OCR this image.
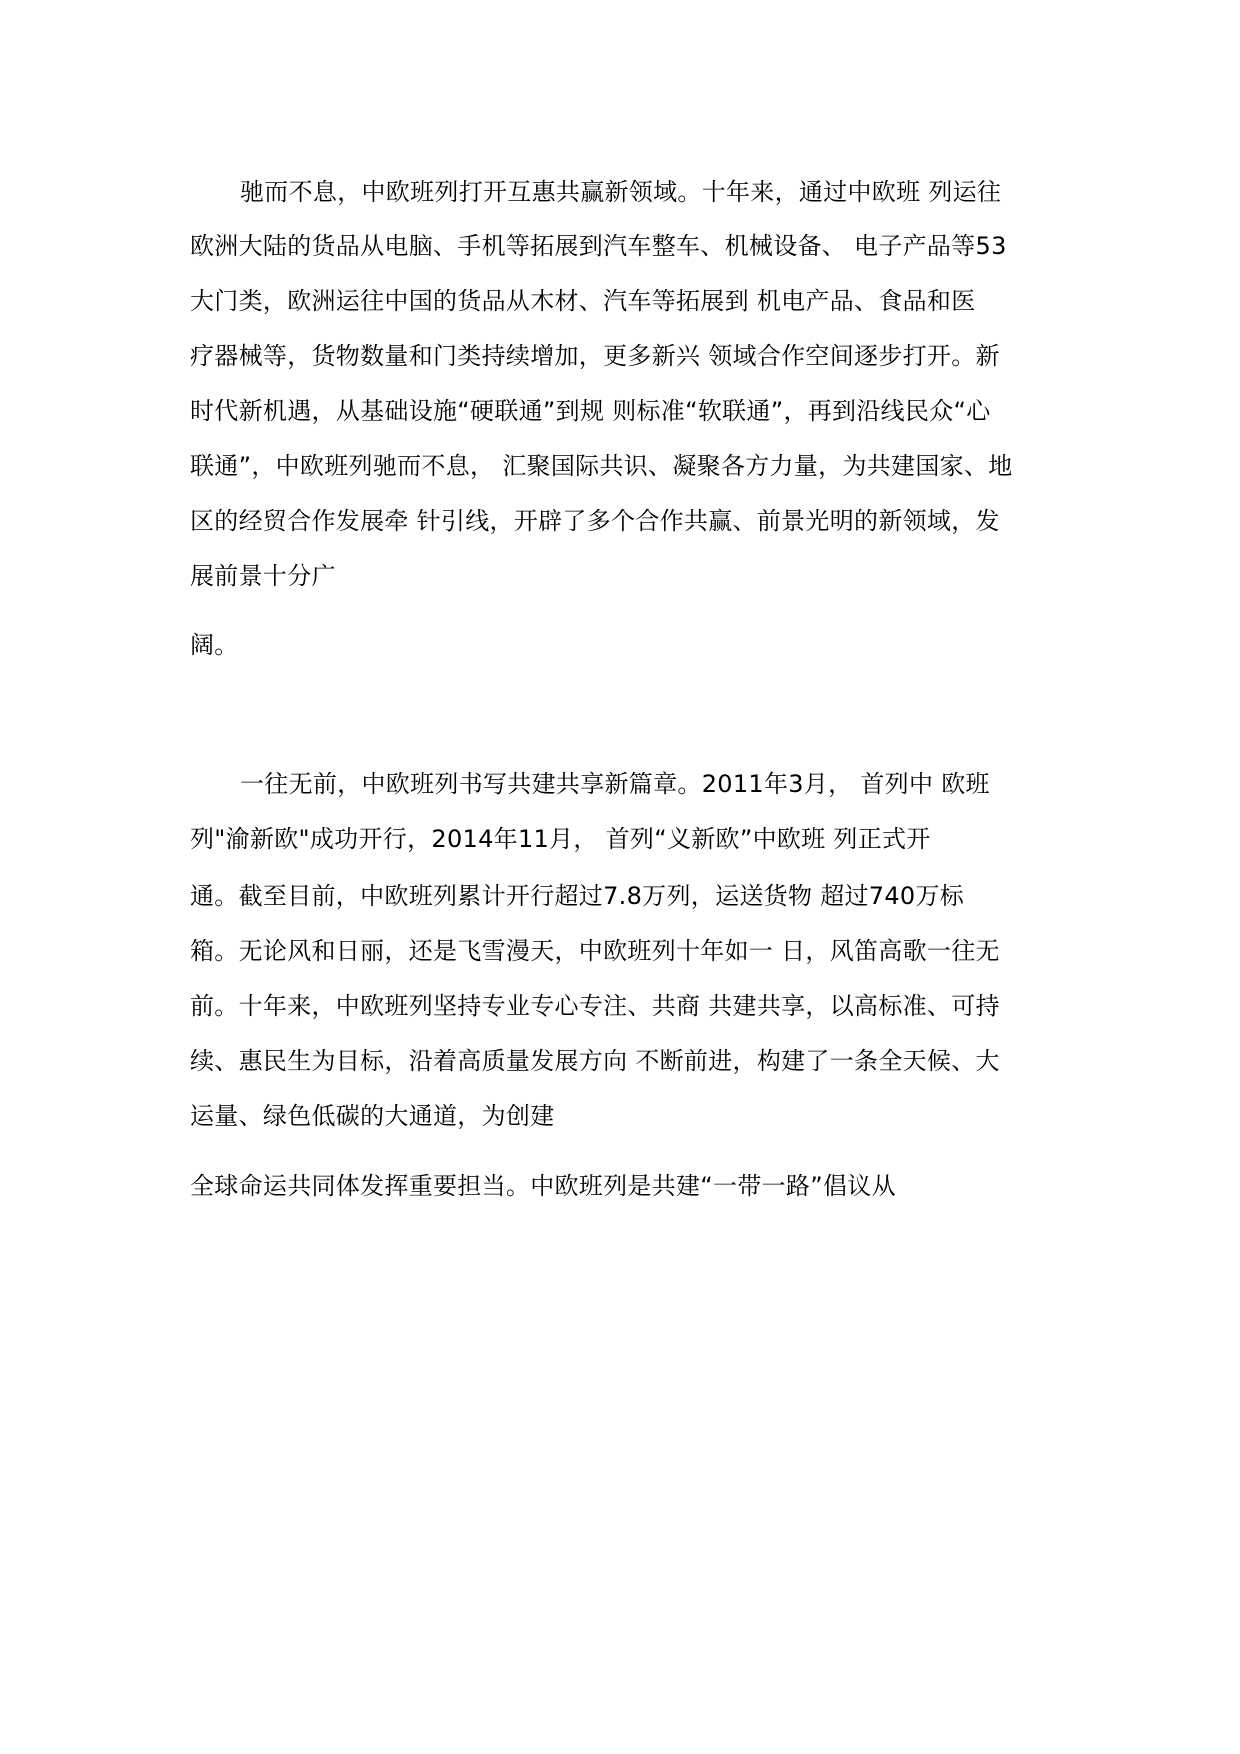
驰而不息，中欧班列打开互惠共赢新领域。十年来，通过中欧班 列运往
欧洲大陆的货品从电脑、手机等拓展到汽车整车、机械设备、 电子产品等53
大门类，欧洲运往中国的货品从木材、汽车等拓展到 机电产品、食品和医
疗器械等，货物数量和门类持续增加，更多新兴 领域合作空间逐步打开。新
时代新机遇，从基础设施“硬联通”到规 则标准“软联通”，再到沿线民众“心
联通”，中欧班列驰而不息， 汇聚国际共识、凝聚各方力量，为共建国家、地
区的经贸合作发展牵 针引线，开辟了多个合作共赢、前景光明的新领域，发
展前景十分广
阔。
一往无前，中欧班列书写共建共享新篇章。2011年3月， 首列中 欧班
列"渝新欧"成功开行，2014年11月， 首列“义新欧”中欧班 列正式开
通。截至目前，中欧班列累计开行超过7.8万列，运送货物 超过740万标
箱。无论风和日丽，还是飞雪漫天，中欧班列十年如一 日，风笛高歌一往无
前。十年来，中欧班列坚持专业专心专注、共商 共建共享，以高标准、可持
续、惠民生为目标，沿着高质量发展方向 不断前进，构建了一条全天候、大
运量、绿色低碳的大通道，为创建
全球命运共同体发挥重要担当。中欧班列是共建“一带一路”倡议从
